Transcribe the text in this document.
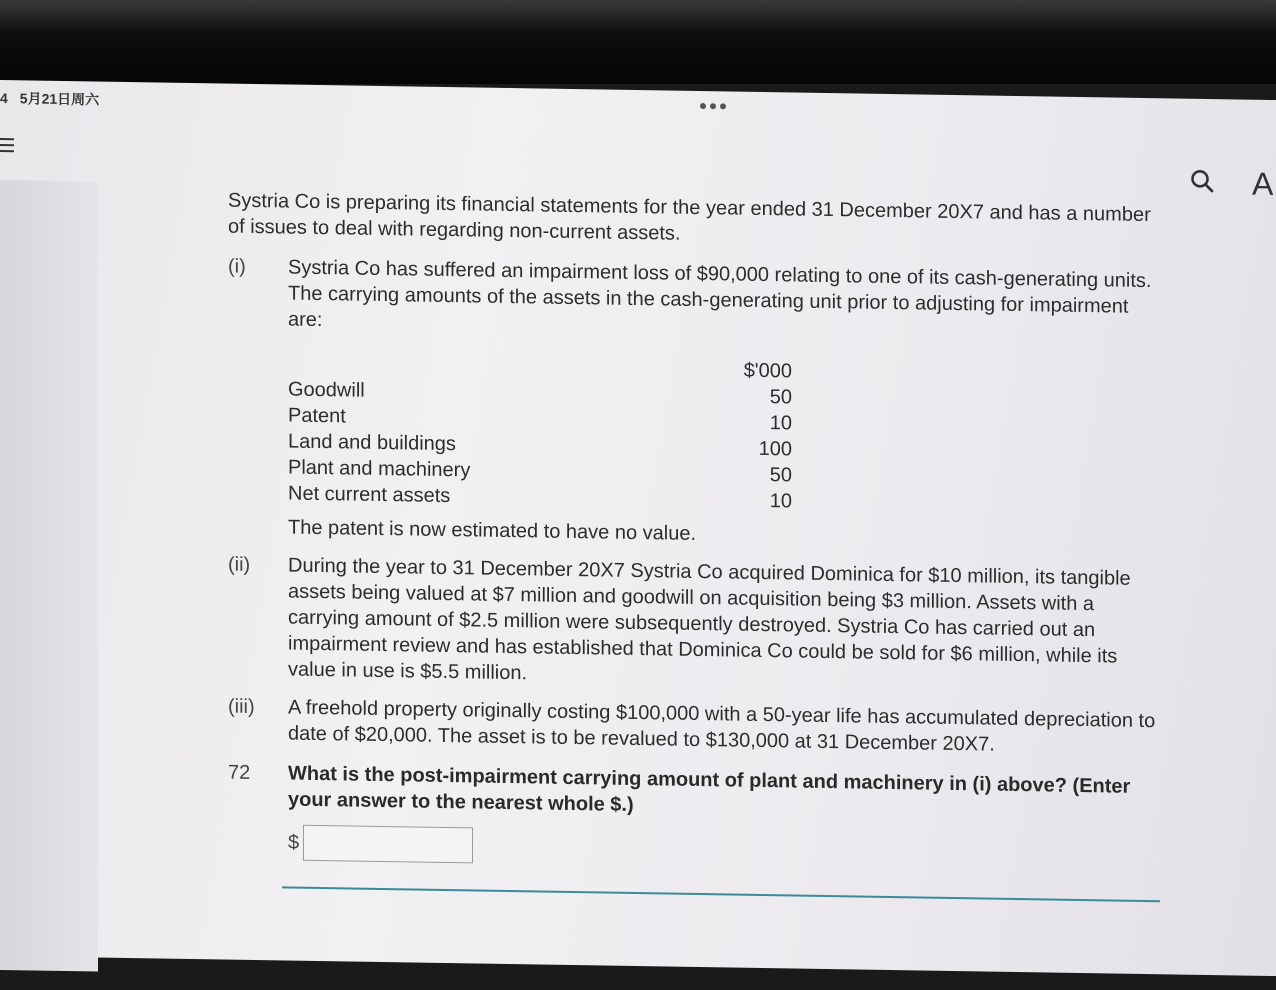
4 5月21日周六
A

Systria Co is preparing its financial statements for the year ended 31 December 20X7 and has a number of issues to deal with regarding non-current assets.

(i)	Systria Co has suffered an impairment loss of $90,000 relating to one of its cash-generating units. The carrying amounts of the assets in the cash-generating unit prior to adjusting for impairment are:
$'000
Goodwill	50
Patent	10
Land and buildings	100
Plant and machinery	50
Net current assets	10
The patent is now estimated to have no value.
(ii)	During the year to 31 December 20X7 Systria Co acquired Dominica for $10 million, its tangible assets being valued at $7 million and goodwill on acquisition being $3 million. Assets with a carrying amount of $2.5 million were subsequently destroyed. Systria Co has carried out an impairment review and has established that Dominica Co could be sold for $6 million, while its value in use is $5.5 million.
(iii)	A freehold property originally costing $100,000 with a 50-year life has accumulated depreciation to date of $20,000. The asset is to be revalued to $130,000 at 31 December 20X7.
72	What is the post-impairment carrying amount of plant and machinery in (i) above? (Enter your answer to the nearest whole $.)
$
